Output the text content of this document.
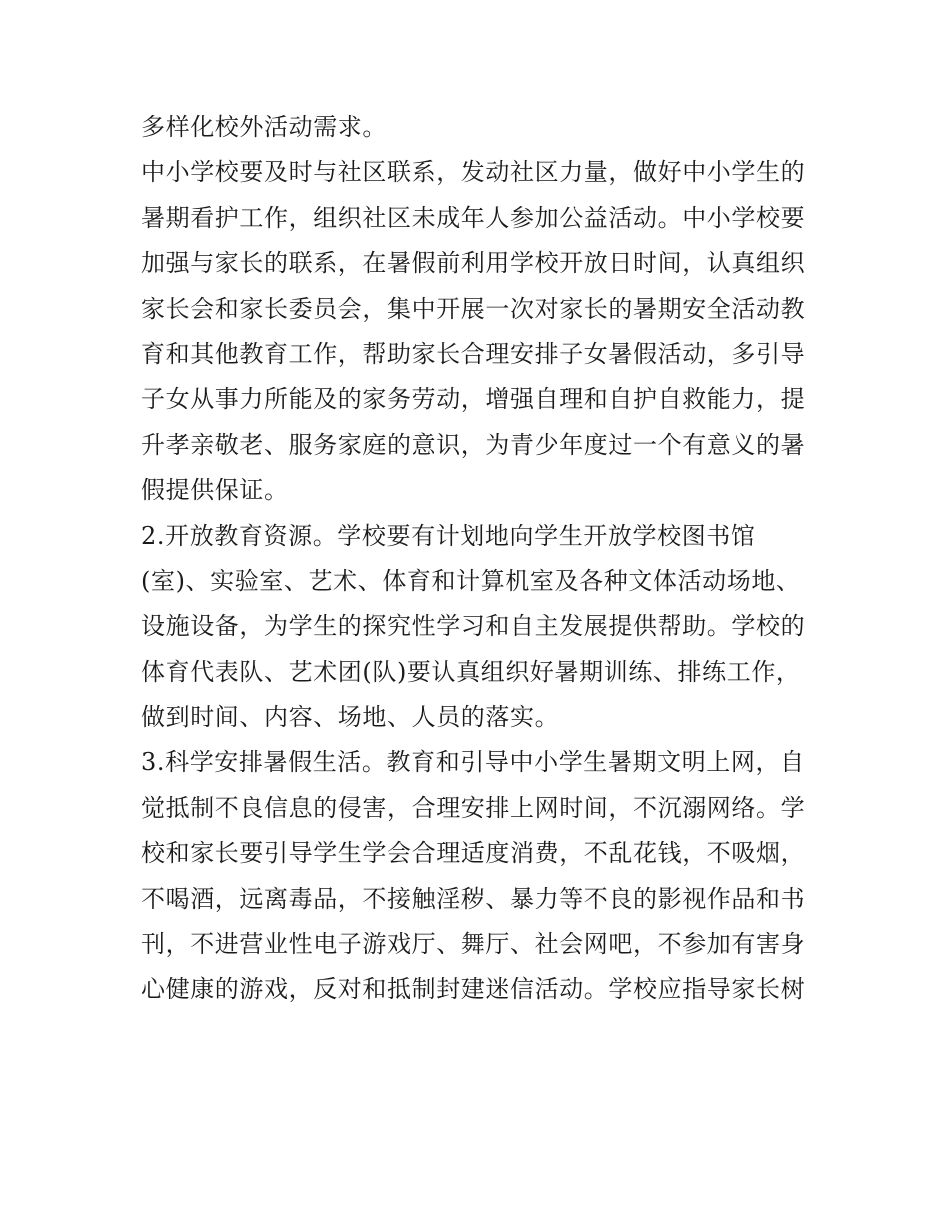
多样化校外活动需求。
中小学校要及时与社区联系，发动社区力量，做好中小学生的
暑期看护工作，组织社区未成年人参加公益活动。中小学校要
加强与家长的联系，在暑假前利用学校开放日时间，认真组织
家长会和家长委员会，集中开展一次对家长的暑期安全活动教
育和其他教育工作，帮助家长合理安排子女暑假活动，多引导
子女从事力所能及的家务劳动，增强自理和自护自救能力，提
升孝亲敬老、服务家庭的意识，为青少年度过一个有意义的暑
假提供保证。
2.开放教育资源。学校要有计划地向学生开放学校图书馆
(室)、实验室、艺术、体育和计算机室及各种文体活动场地、
设施设备，为学生的探究性学习和自主发展提供帮助。学校的
体育代表队、艺术团(队)要认真组织好暑期训练、排练工作，
做到时间、内容、场地、人员的落实。
3.科学安排暑假生活。教育和引导中小学生暑期文明上网，自
觉抵制不良信息的侵害，合理安排上网时间，不沉溺网络。学
校和家长要引导学生学会合理适度消费，不乱花钱，不吸烟，
不喝酒，远离毒品，不接触淫秽、暴力等不良的影视作品和书
刊，不进营业性电子游戏厅、舞厅、社会网吧，不参加有害身
心健康的游戏，反对和抵制封建迷信活动。学校应指导家长树
